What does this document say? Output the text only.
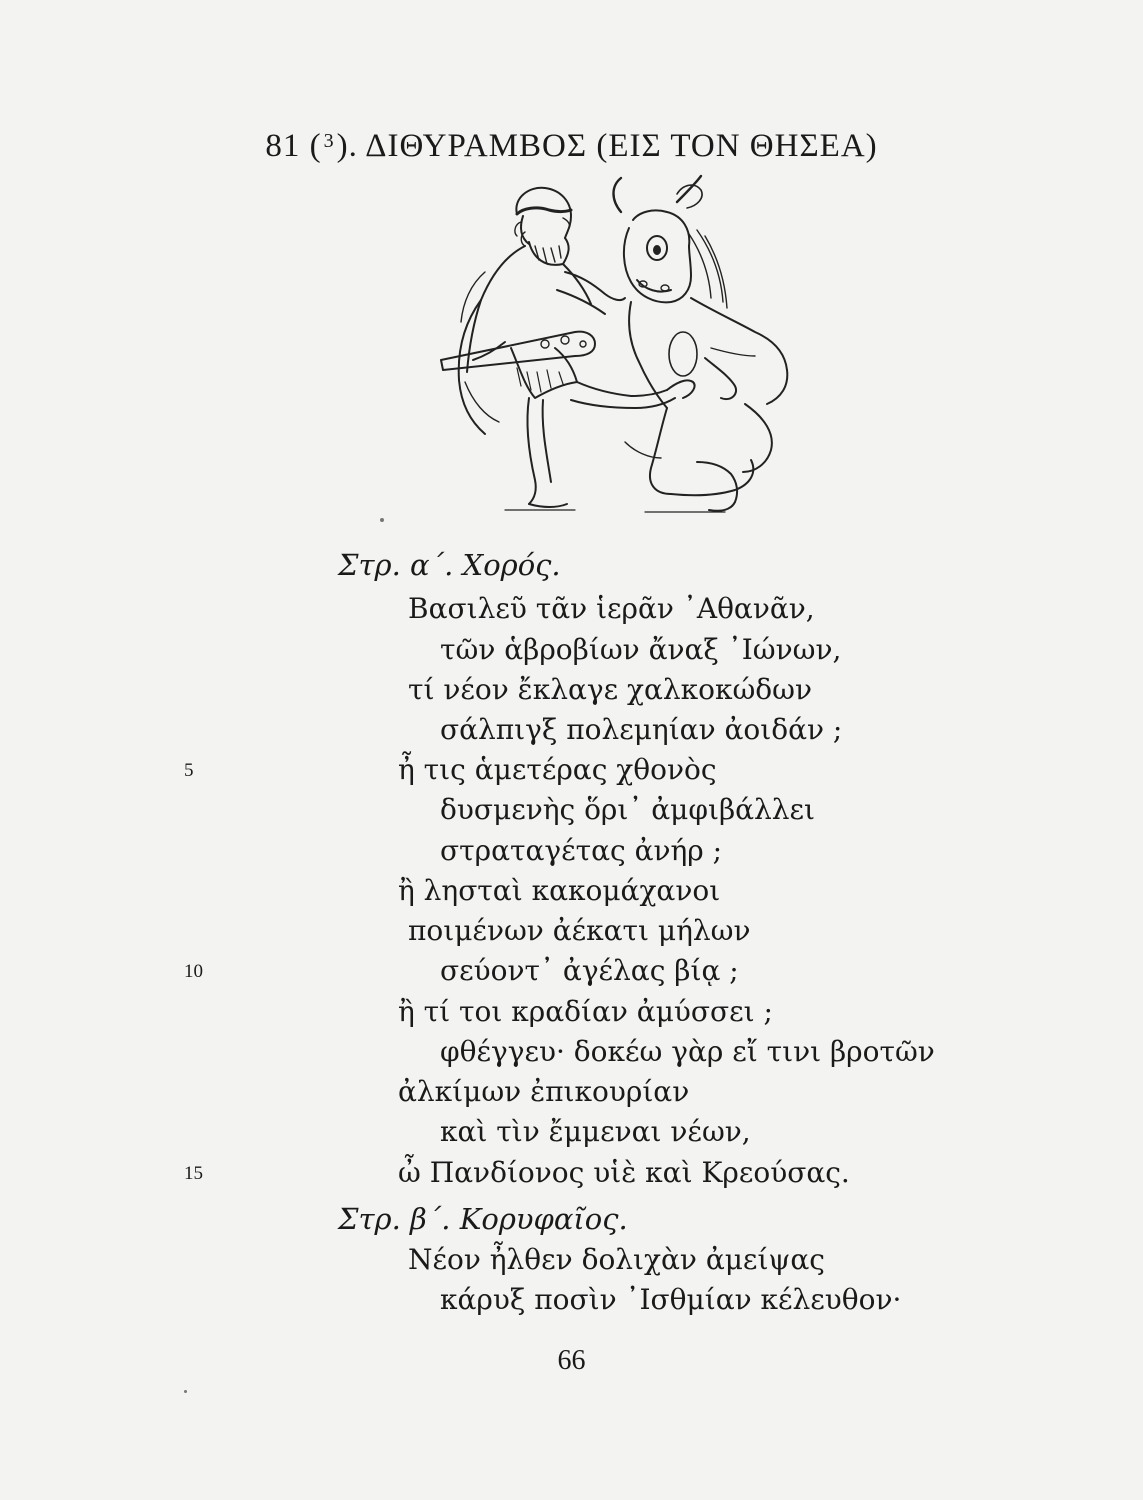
81 ( $^3$). ΔΙΘΥΡΑΜΒΟΣ (ΕΙΣ ΤΟΝ ΘΗΣΕΑ)
Στρ. α΄. Χορός.
Βασιλεῦ τᾶν ἱερᾶν ᾿Αθανᾶν,
τῶν ἁβροβίων ἄναξ ᾿Ιώνων,
τί νέον ἔκλαγε χαλκοκώδων
σάλπιγξ πολεμηίαν ἀοιδάν ;
5	ἦ τις ἁμετέρας χθονὸς
δυσμενὴς ὅρι᾿ ἀμφιβάλλει
στραταγέτας ἀνήρ ;
ἢ λησταὶ κακομάχανοι
ποιμένων ἀέκατι μήλων
10	σεύοντ᾿ ἀγέλας βίᾳ ;
ἢ τί τοι κραδίαν ἀμύσσει ;
φθέγγευ· δοκέω γὰρ εἴ τινι βροτῶν
ἀλκίμων ἐπικουρίαν
καὶ τὶν ἔμμεναι νέων,
15	ὦ Πανδίονος υἱὲ καὶ Κρεούσας.
Στρ. β΄. Κορυφαῖος.
Νέον ἦλθεν δολιχὰν ἀμείψας
κάρυξ ποσὶν ᾿Ισθμίαν κέλευθον·
66
